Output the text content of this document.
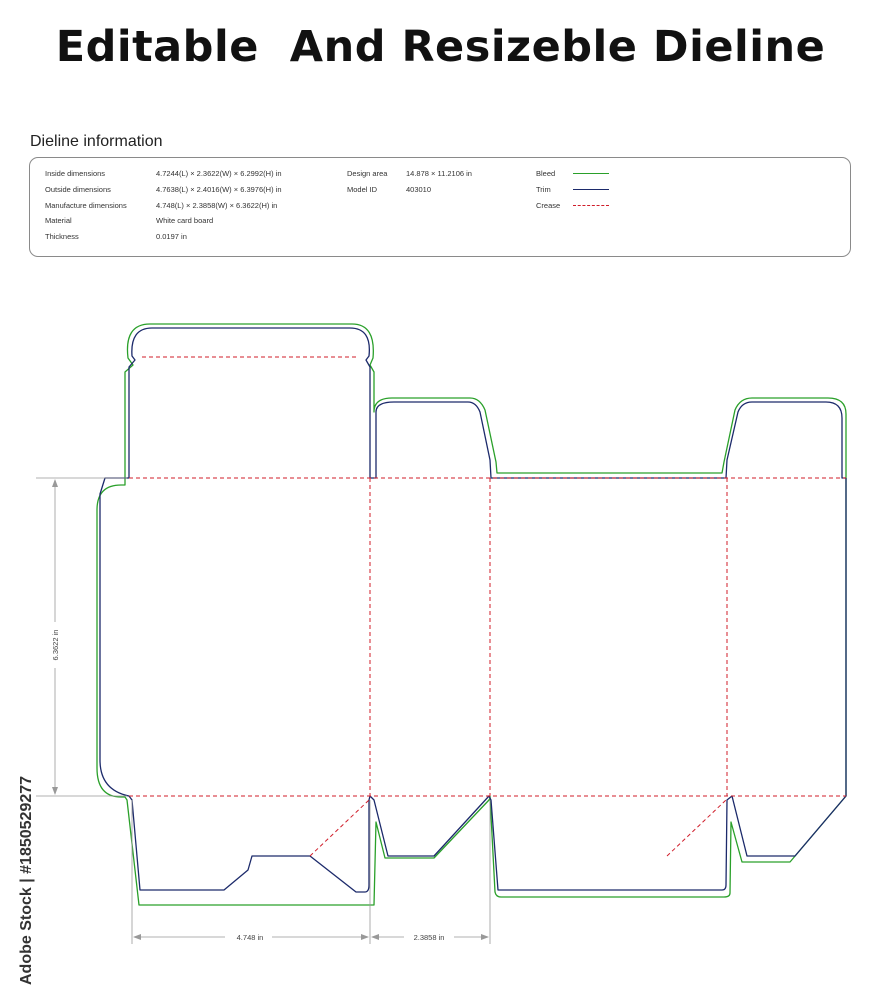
Editable  And Resizeble Dieline
Dieline information
Inside dimensions	4.7244(L) × 2.3622(W) × 6.2992(H) in
Outside dimensions	4.7638(L) × 2.4016(W) × 6.3976(H) in
Manufacture dimensions	4.748(L) × 2.3858(W) × 6.3622(H) in
Material	White card board
Thickness	0.0197 in
Design area 14.878 × 11.2106 in
Model ID	403010
Bleed
Trim
Crease
6.3622 in
4.748 in	2.3858 in
Adobe Stock | #1850529277
